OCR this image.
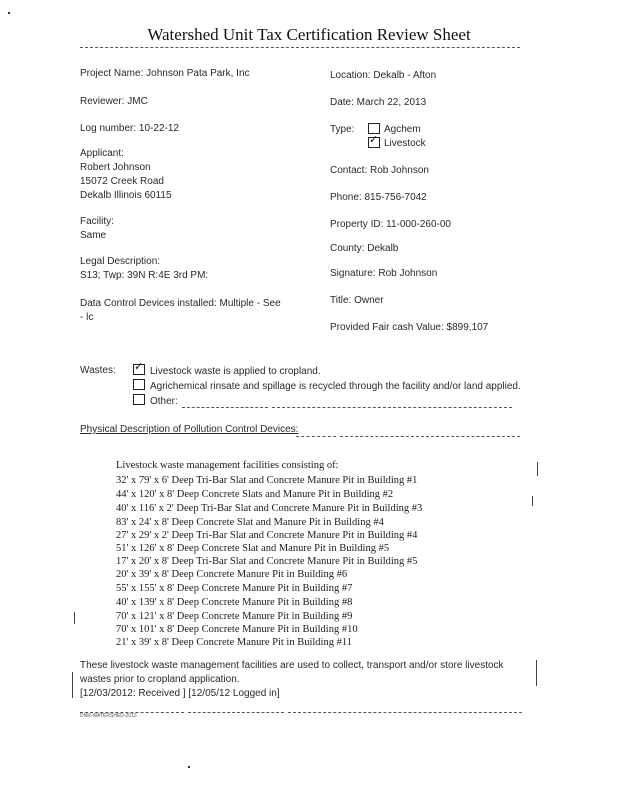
Watershed Unit Tax Certification Review Sheet
Project Name: Johnson Pata Park, Inc
Reviewer: JMC
Log number: 10-22-12
Applicant:
Robert Johnson
15072 Creek Road
Dekalb Illinois 60115
Facility:
Same
Legal Description:
S13; Twp: 39N R:4E 3rd PM:
Data Control Devices installed: Multiple - See
- lc
Location: Dekalb - Afton
Date: March 22, 2013
Type:	Agchem
✓ Livestock
Contact: Rob Johnson
Phone: 815-756-7042
Property ID: 11-000-260-00
County: Dekalb
Signature: Rob Johnson
Title: Owner
Provided Fair cash Value: $899,107
Wastes: ✓ Livestock waste is applied to cropland.
Agrichemical rinsate and spillage is recycled through the facility and/or land applied.
Other:
Physical Description of Pollution Control Devices:
Livestock waste management facilities consisting of:
32' x 79' x 6' Deep Tri-Bar Slat and Concrete Manure Pit in Building #1
44' x 120' x 8' Deep Concrete Slats and Manure Pit in Building #2
40' x 116' x 2' Deep Tri-Bar Slat and Concrete Manure Pit in Building #3
83' x 24' x 8' Deep Concrete Slat and Manure Pit in Building #4
27' x 29' x 2' Deep Tri-Bar Slat and Concrete Manure Pit in Building #4
51' x 126' x 8' Deep Concrete Slat and Manure Pit in Building #5
17' x 20' x 8' Deep Tri-Bar Slat and Concrete Manure Pit in Building #5
20' x 39' x 8' Deep Concrete Manure Pit in Building #6
55' x 155' x 8' Deep Concrete Manure Pit in Building #7
40' x 139' x 8' Deep Concrete Manure Pit in Building #8
70' x 121' x 8' Deep Concrete Manure Pit in Building #9
70' x 101' x 8' Deep Concrete Manure Pit in Building #10
21' x 39' x 8' Deep Concrete Manure Pit in Building #11
These livestock waste management facilities are used to collect, transport and/or store livestock
wastes prior to cropland application.
[12/03/2012: Received ] [12/05/12 Logged in]
DNR-WATERSHED-2013
